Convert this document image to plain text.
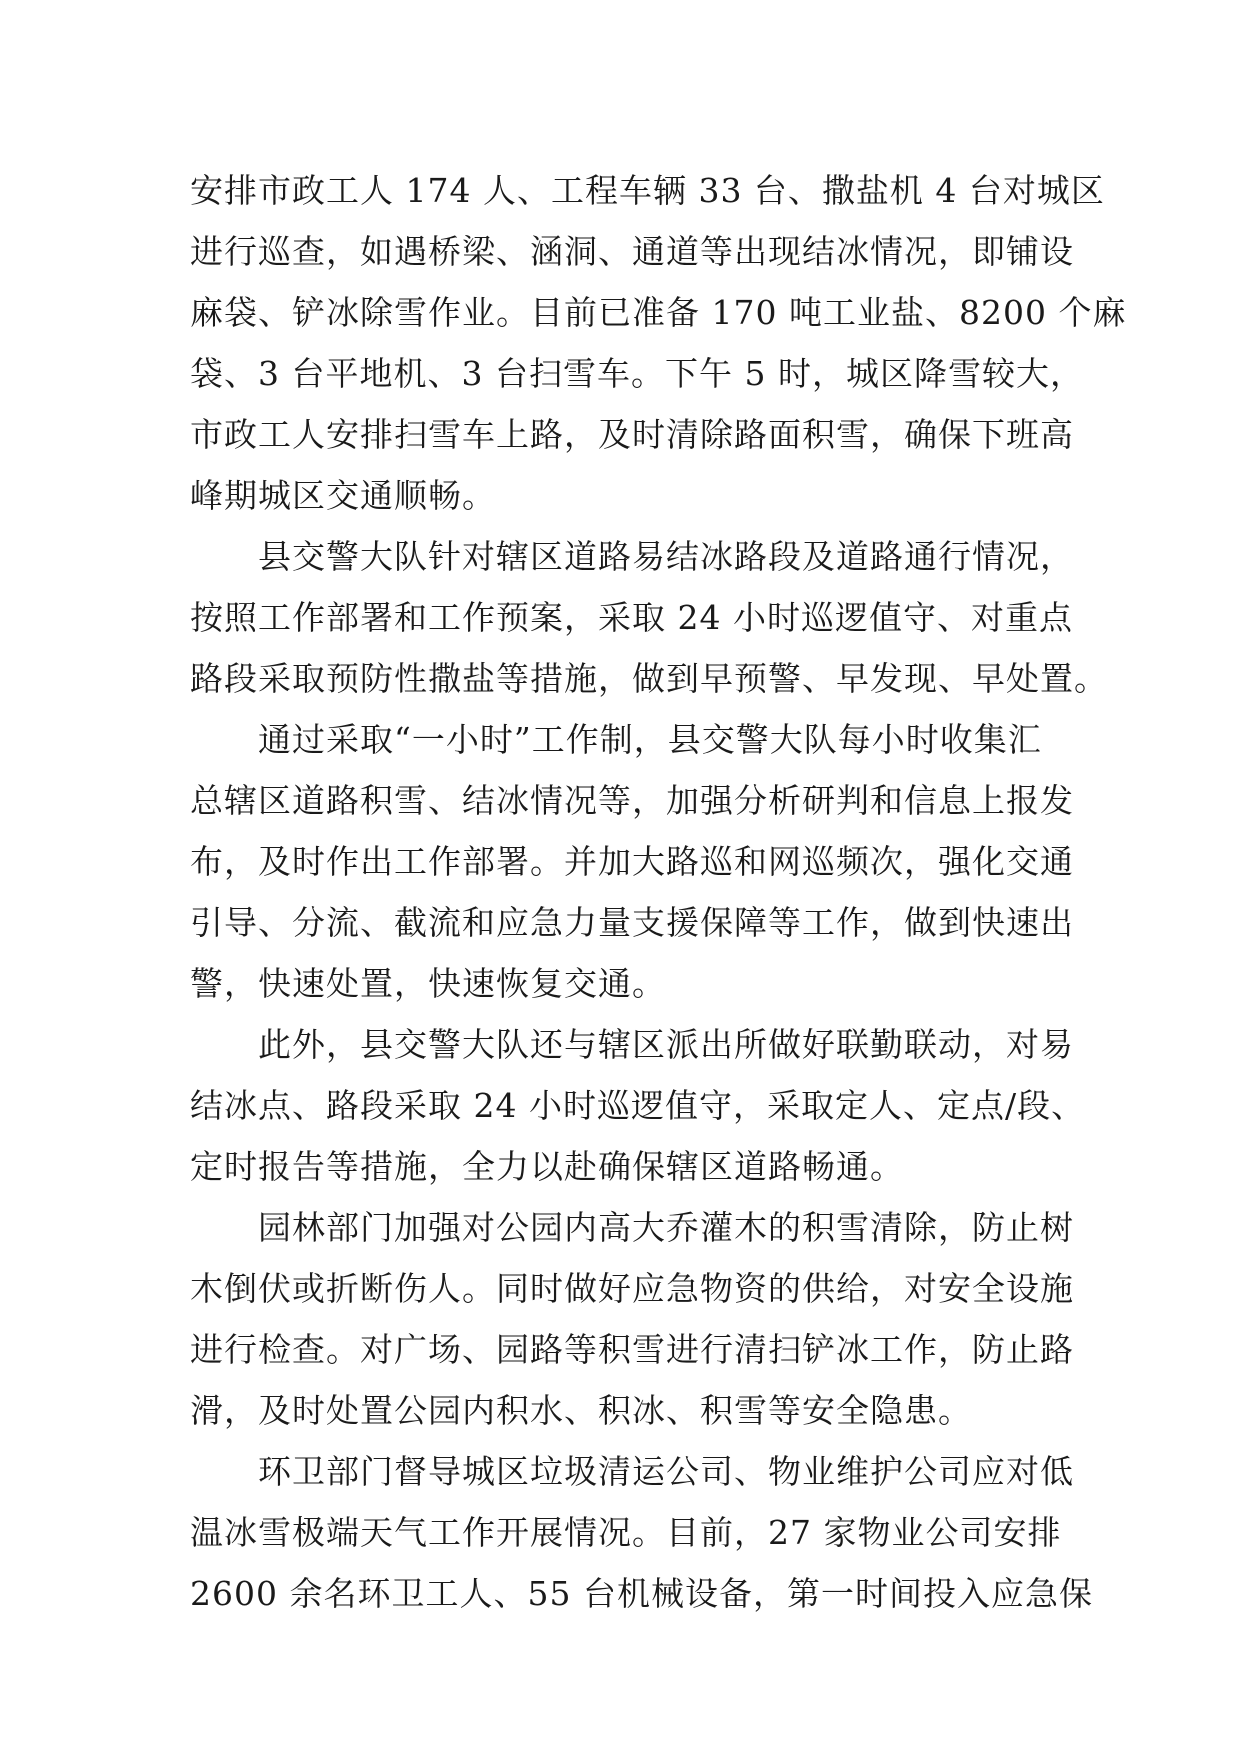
安排市政工人 174 人、工程车辆 33 台、撒盐机 4 台对城区
进行巡查，如遇桥梁、涵洞、通道等出现结冰情况，即铺设
麻袋、铲冰除雪作业。目前已准备 170 吨工业盐、8200 个麻
袋、3 台平地机、3 台扫雪车。下午 5 时，城区降雪较大，
市政工人安排扫雪车上路，及时清除路面积雪，确保下班高
峰期城区交通顺畅。
　　县交警大队针对辖区道路易结冰路段及道路通行情况，
按照工作部署和工作预案，采取 24 小时巡逻值守、对重点
路段采取预防性撒盐等措施，做到早预警、早发现、早处置。
　　通过采取“一小时”工作制，县交警大队每小时收集汇
总辖区道路积雪、结冰情况等，加强分析研判和信息上报发
布，及时作出工作部署。并加大路巡和网巡频次，强化交通
引导、分流、截流和应急力量支援保障等工作，做到快速出
警，快速处置，快速恢复交通。
　　此外，县交警大队还与辖区派出所做好联勤联动，对易
结冰点、路段采取 24 小时巡逻值守，采取定人、定点/段、
定时报告等措施，全力以赴确保辖区道路畅通。
　　园林部门加强对公园内高大乔灌木的积雪清除，防止树
木倒伏或折断伤人。同时做好应急物资的供给，对安全设施
进行检查。对广场、园路等积雪进行清扫铲冰工作，防止路
滑，及时处置公园内积水、积冰、积雪等安全隐患。
　　环卫部门督导城区垃圾清运公司、物业维护公司应对低
温冰雪极端天气工作开展情况。目前，27 家物业公司安排
2600 余名环卫工人、55 台机械设备，第一时间投入应急保
